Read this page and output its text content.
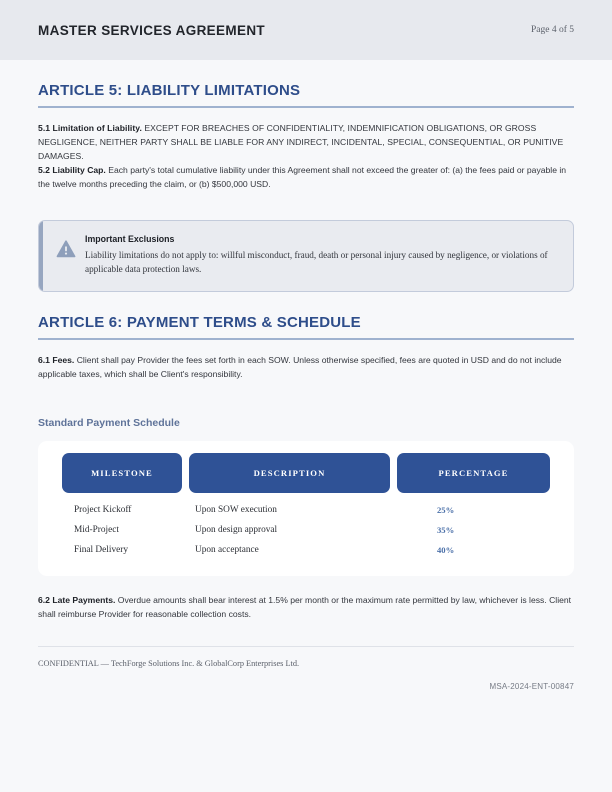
MASTER SERVICES AGREEMENT	Page 4 of 5
ARTICLE 5: LIABILITY LIMITATIONS

5.1 Limitation of Liability. EXCEPT FOR BREACHES OF CONFIDENTIALITY, INDEMNIFICATION OBLIGATIONS, OR GROSS NEGLIGENCE, NEITHER PARTY SHALL BE LIABLE FOR ANY INDIRECT, INCIDENTAL, SPECIAL, CONSEQUENTIAL, OR PUNITIVE DAMAGES.

5.2 Liability Cap. Each party's total cumulative liability under this Agreement shall not exceed the greater of: (a) the fees paid or payable in the twelve months preceding the claim, or (b) $500,000 USD.

Important Exclusions
Liability limitations do not apply to: willful misconduct, fraud, death or personal injury caused by negligence, or violations of applicable data protection laws.
ARTICLE 6: PAYMENT TERMS & SCHEDULE

6.1 Fees. Client shall pay Provider the fees set forth in each SOW. Unless otherwise specified, fees are quoted in USD and do not include applicable taxes, which shall be Client's responsibility.

Standard Payment Schedule
MILESTONE	DESCRIPTION	PERCENTAGE
Project Kickoff	Upon SOW execution	25%
Mid-Project	Upon design approval	35%
Final Delivery	Upon acceptance	40%

6.2 Late Payments. Overdue amounts shall bear interest at 1.5% per month or the maximum rate permitted by law, whichever is less. Client shall reimburse Provider for reasonable collection costs.

CONFIDENTIAL — TechForge Solutions Inc. & GlobalCorp Enterprises Ltd.
MSA-2024-ENT-00847
